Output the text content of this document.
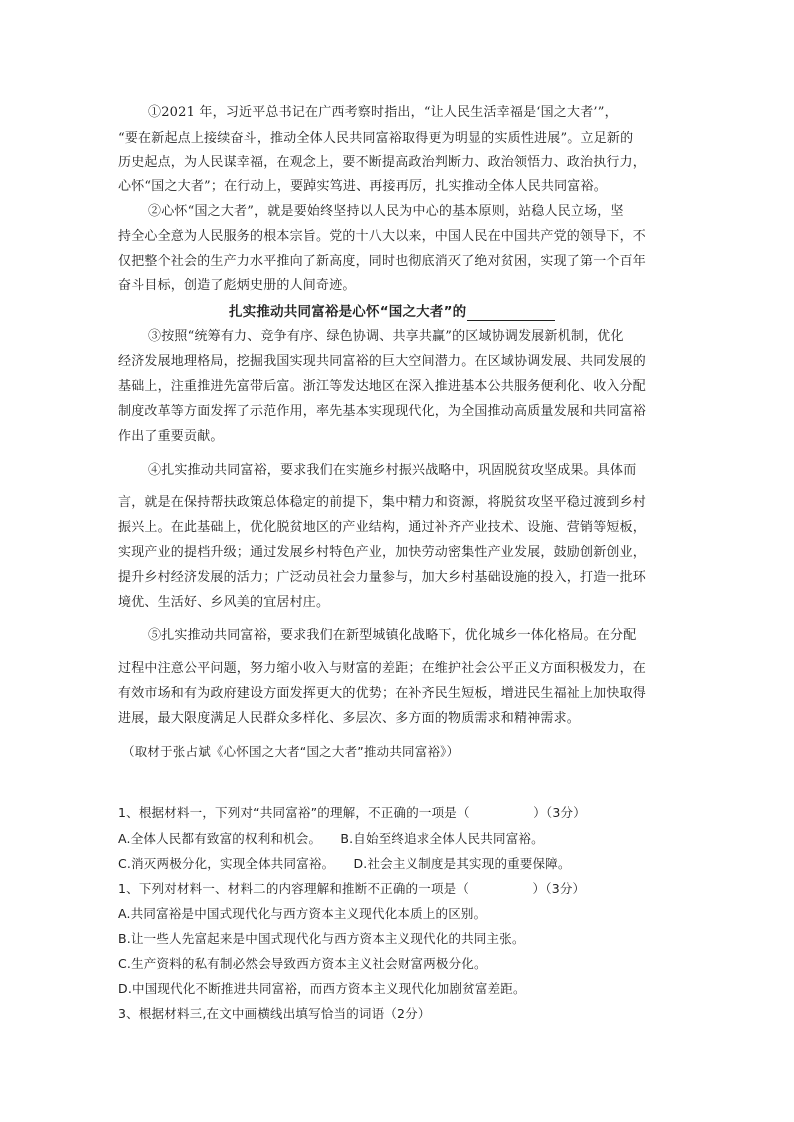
①2021 年，习近平总书记在广西考察时指出，“让人民生活幸福是‘国之大者’”，
“要在新起点上接续奋斗，推动全体人民共同富裕取得更为明显的实质性进展”。立足新的
历史起点，为人民谋幸福，在观念上，要不断提高政治判断力、政治领悟力、政治执行力，
心怀“国之大者”；在行动上，要踔实笃进、再接再厉，扎实推动全体人民共同富裕。
②心怀“国之大者”，就是要始终坚持以人民为中心的基本原则，站稳人民立场，坚
持全心全意为人民服务的根本宗旨。党的十八大以来，中国人民在中国共产党的领导下，不
仅把整个社会的生产力水平推向了新高度，同时也彻底消灭了绝对贫困，实现了第一个百年
奋斗目标，创造了彪炳史册的人间奇迹。
扎实推动共同富裕是心怀“国之大者”的
③按照“统筹有力、竞争有序、绿色协调、共享共赢”的区域协调发展新机制，优化
经济发展地理格局，挖掘我国实现共同富裕的巨大空间潜力。在区域协调发展、共同发展的
基础上，注重推进先富带后富。浙江等发达地区在深入推进基本公共服务便利化、收入分配
制度改革等方面发挥了示范作用，率先基本实现现代化，为全国推动高质量发展和共同富裕
作出了重要贡献。
④扎实推动共同富裕，要求我们在实施乡村振兴战略中，巩固脱贫攻坚成果。具体而
言，就是在保持帮扶政策总体稳定的前提下，集中精力和资源，将脱贫攻坚平稳过渡到乡村
振兴上。在此基础上，优化脱贫地区的产业结构，通过补齐产业技术、设施、营销等短板，
实现产业的提档升级；通过发展乡村特色产业，加快劳动密集性产业发展，鼓励创新创业，
提升乡村经济发展的活力；广泛动员社会力量参与，加大乡村基础设施的投入，打造一批环
境优、生活好、乡风美的宜居村庄。
⑤扎实推动共同富裕，要求我们在新型城镇化战略下，优化城乡一体化格局。在分配
过程中注意公平问题，努力缩小收入与财富的差距；在维护社会公平正义方面积极发力，在
有效市场和有为政府建设方面发挥更大的优势；在补齐民生短板，增进民生福祉上加快取得
进展，最大限度满足人民群众多样化、多层次、多方面的物质需求和精神需求。
（取材于张占斌《心怀国之大者“国之大者”推动共同富裕》）
1、根据材料一，下列对“共同富裕”的理解，不正确的一项是（　　　　　）（3分）
A.全体人民都有致富的权利和机会。　　B.自始至终追求全体人民共同富裕。
C.消灭两极分化，实现全体共同富裕。　　D.社会主义制度是其实现的重要保障。
1、下列对材料一、材料二的内容理解和推断不正确的一项是（　　　　　）（3分）
A.共同富裕是中国式现代化与西方资本主义现代化本质上的区别。
B.让一些人先富起来是中国式现代化与西方资本主义现代化的共同主张。
C.生产资料的私有制必然会导致西方资本主义社会财富两极分化。
D.中国现代化不断推进共同富裕，而西方资本主义现代化加剧贫富差距。
3、根据材料三,在文中画横线出填写恰当的词语（2分）
